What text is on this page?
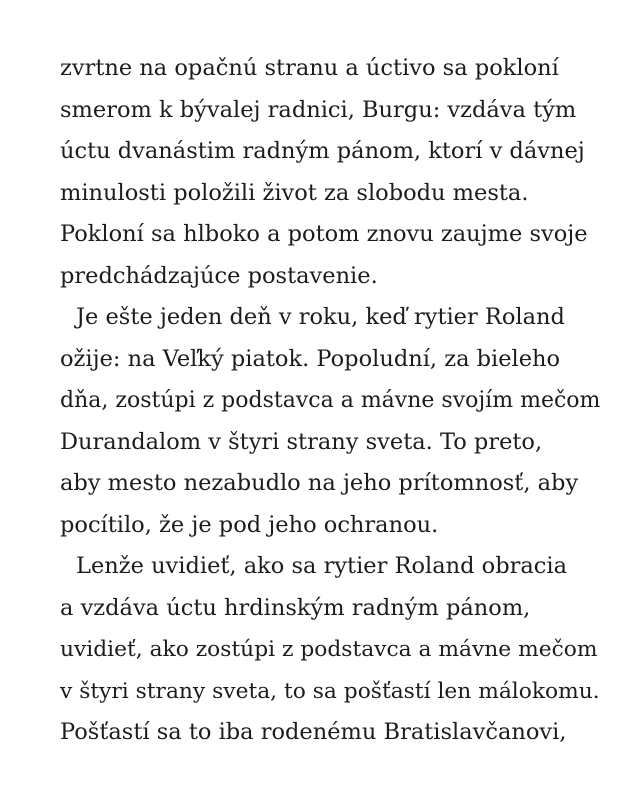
zvrtne na opačnú stranu a úctivo sa pokloní
smerom k bývalej radnici, Burgu: vzdáva tým
úctu dvanástim radným pánom, ktorí v dávnej
minulosti položili život za slobodu mesta.
Pokloní sa hlboko a potom znovu zaujme svoje
predchádzajúce postavenie.
Je ešte jeden deň v roku, keď rytier Roland
ožije: na Veľký piatok. Popoludní, za bieleho
dňa, zostúpi z podstavca a mávne svojím mečom
Durandalom v štyri strany sveta. To preto,
aby mesto nezabudlo na jeho prítomnosť, aby
pocítilo, že je pod jeho ochranou.
Lenže uvidieť, ako sa rytier Roland obracia
a vzdáva úctu hrdinským radným pánom,
uvidieť, ako zostúpi z podstavca a mávne mečom
v štyri strany sveta, to sa pošťastí len málokomu.
Pošťastí sa to iba rodenému Bratislavčanovi,
